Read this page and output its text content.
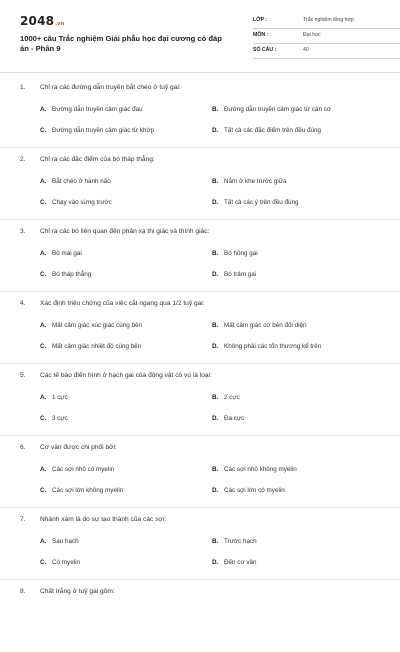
2048.vn
1000+ câu Trắc nghiệm Giải phẫu học đại cương có đáp án - Phần 9
LỚP :	Trắc nghiệm tổng hợp
MÔN :	Đại học
SỐ CÂU :	40
1. Chỉ ra các đường dẫn truyền bắt chéo ở tuỷ gai:
A. Đường dẫn truyền cảm giác đau	B. Đường dẫn truyền cảm giác từ cân cơ
C. Đường dẫn truyền cảm giác từ khớp	D. Tất cả các đặc điểm trên đều đúng
2. Chỉ ra các đặc điểm của bó tháp thẳng:
A. Bắt chéo ở hành não	B. Nằm ở khe trước giữa
C. Chạy vào sừng trước	D. Tất cả các ý trên đều đúng
3. Chỉ ra các bó liên quan đến phản xạ thị giác và thính giác:
A. Bó mái gai	B. Bó hồng gai
C. Bó tháp thẳng	D. Bó trám gai
4. Xác định triệu chứng của việc cắt ngang qua 1/2 tuỷ gai:
A. Mất cảm giác xúc giác cùng bên	B. Mất cảm giác cơ bên đối diện
C. Mất cảm giác nhiệt độ cùng bên	D. Không phải các tổn thương kể trên
5. Các tế bào điển hình ở hạch gai của động vật có vú là loại:
A. 1 cực	B. 2 cực
C. 3 cực	D. Đa cực
6. Cơ vân được chi phối bởi:
A. Các sợi nhỏ có myelin	B. Các sợi nhỏ không myelin
C. Các sợi lớn không myelin	D. Các sợi lớn có myelin
7. Nhánh xám là do sự tạo thành của các sợi:
A. Sau hạch	B. Trước hạch
C. Có myelin	D. Đến cơ vân
8. Chất trắng ở tuỷ gai gồm:
